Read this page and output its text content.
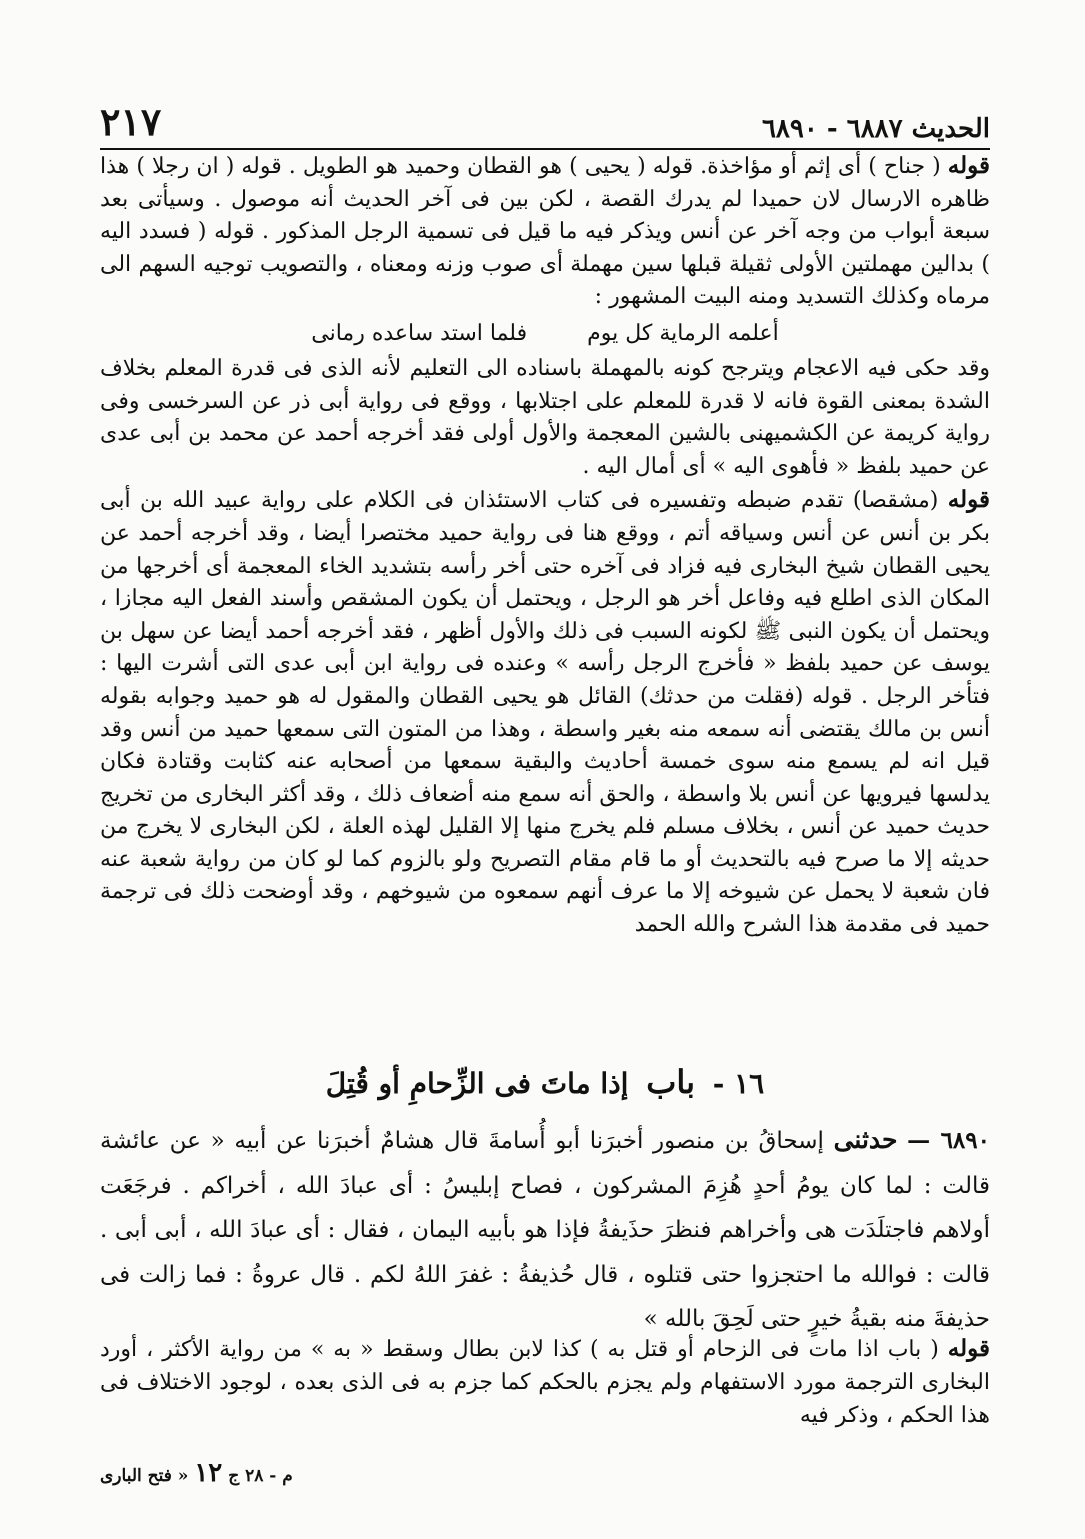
الحديث ٦٨٨٧ - ٦٨٩٠
٢١٧

قوله ( جناح ) أى إثم أو مؤاخذة. قوله ( يحيى ) هو القطان وحميد هو الطويل . قوله ( ان رجلا ) هذا ظاهره الارسال لان حميدا لم يدرك القصة ، لكن بين فى آخر الحديث أنه موصول . وسيأتى بعد سبعة أبواب من وجه آخر عن أنس ويذكر فيه ما قيل فى تسمية الرجل المذكور . قوله ( فسدد اليه ) بدالين مهملتين الأولى ثقيلة قبلها سين مهملة أى صوب وزنه ومعناه ، والتصويب توجيه السهم الى مرماه وكذلك التسديد ومنه البيت المشهور :

أعلمه الرماية كل يوم
فلما استد ساعده رمانى

وقد حكى فيه الاعجام ويترجح كونه بالمهملة باسناده الى التعليم لأنه الذى فى قدرة المعلم بخلاف الشدة بمعنى القوة فانه لا قدرة للمعلم على اجتلابها ، ووقع فى رواية أبى ذر عن السرخسى وفى رواية كريمة عن الكشميهنى بالشين المعجمة والأول أولى فقد أخرجه أحمد عن محمد بن أبى عدى عن حميد بلفظ « فأهوى اليه » أى أمال اليه .

قوله (مشقصا) تقدم ضبطه وتفسيره فى كتاب الاستئذان فى الكلام على رواية عبيد الله بن أبى بكر بن أنس عن أنس وسياقه أتم ، ووقع هنا فى رواية حميد مختصرا أيضا ، وقد أخرجه أحمد عن يحيى القطان شيخ البخارى فيه فزاد فى آخره حتى أخر رأسه بتشديد الخاء المعجمة أى أخرجها من المكان الذى اطلع فيه وفاعل أخر هو الرجل ، ويحتمل أن يكون المشقص وأسند الفعل اليه مجازا ، ويحتمل أن يكون النبى ﷺ لكونه السبب فى ذلك والأول أظهر ، فقد أخرجه أحمد أيضا عن سهل بن يوسف عن حميد بلفظ « فأخرج الرجل رأسه » وعنده فى رواية ابن أبى عدى التى أشرت اليها : فتأخر الرجل . قوله (فقلت من حدثك) القائل هو يحيى القطان والمقول له هو حميد وجوابه بقوله أنس بن مالك يقتضى أنه سمعه منه بغير واسطة ، وهذا من المتون التى سمعها حميد من أنس وقد قيل انه لم يسمع منه سوى خمسة أحاديث والبقية سمعها من أصحابه عنه كثابت وقتادة فكان يدلسها فيرويها عن أنس بلا واسطة ، والحق أنه سمع منه أضعاف ذلك ، وقد أكثر البخارى من تخريج حديث حميد عن أنس ، بخلاف مسلم فلم يخرج منها إلا القليل لهذه العلة ، لكن البخارى لا يخرج من حديثه إلا ما صرح فيه بالتحديث أو ما قام مقام التصريح ولو بالزوم كما لو كان من رواية شعبة عنه فان شعبة لا يحمل عن شيوخه إلا ما عرف أنهم سمعوه من شيوخهم ، وقد أوضحت ذلك فى ترجمة حميد فى مقدمة هذا الشرح والله الحمد

١٦ - باب إذا ماتَ فى الزِّحامِ أو قُتِلَ
٦٨٩٠ — حدثنى إسحاقُ بن منصور أخبرَنا أبو أُسامةَ قال هشامٌ أخبرَنا عن أبيه « عن عائشة قالت : لما كان يومُ أحدٍ هُزِمَ المشركون ، فصاح إبليسُ : أى عبادَ الله ، أخراكم . فرجَعَت أولاهم فاجتلَدَت هى وأخراهم فنظرَ حذَيفةُ فإذا هو بأبيه اليمان ، فقال : أى عبادَ الله ، أبى أبى . قالت : فوالله ما احتجزوا حتى قتلوه ، قال حُذيفةُ : غفرَ اللهُ لكم . قال عروةُ : فما زالت فى حذيفةَ منه بقيةُ خيرٍ حتى لَحِقَ بالله »
قوله ( باب اذا مات فى الزحام أو قتل به ) كذا لابن بطال وسقط « به » من رواية الأكثر ، أورد البخارى الترجمة مورد الاستفهام ولم يجزم بالحكم كما جزم به فى الذى بعده ، لوجود الاختلاف فى هذا الحكم ، وذكر فيه
م - ٢٨ ج ١٢ « فتح البارى
